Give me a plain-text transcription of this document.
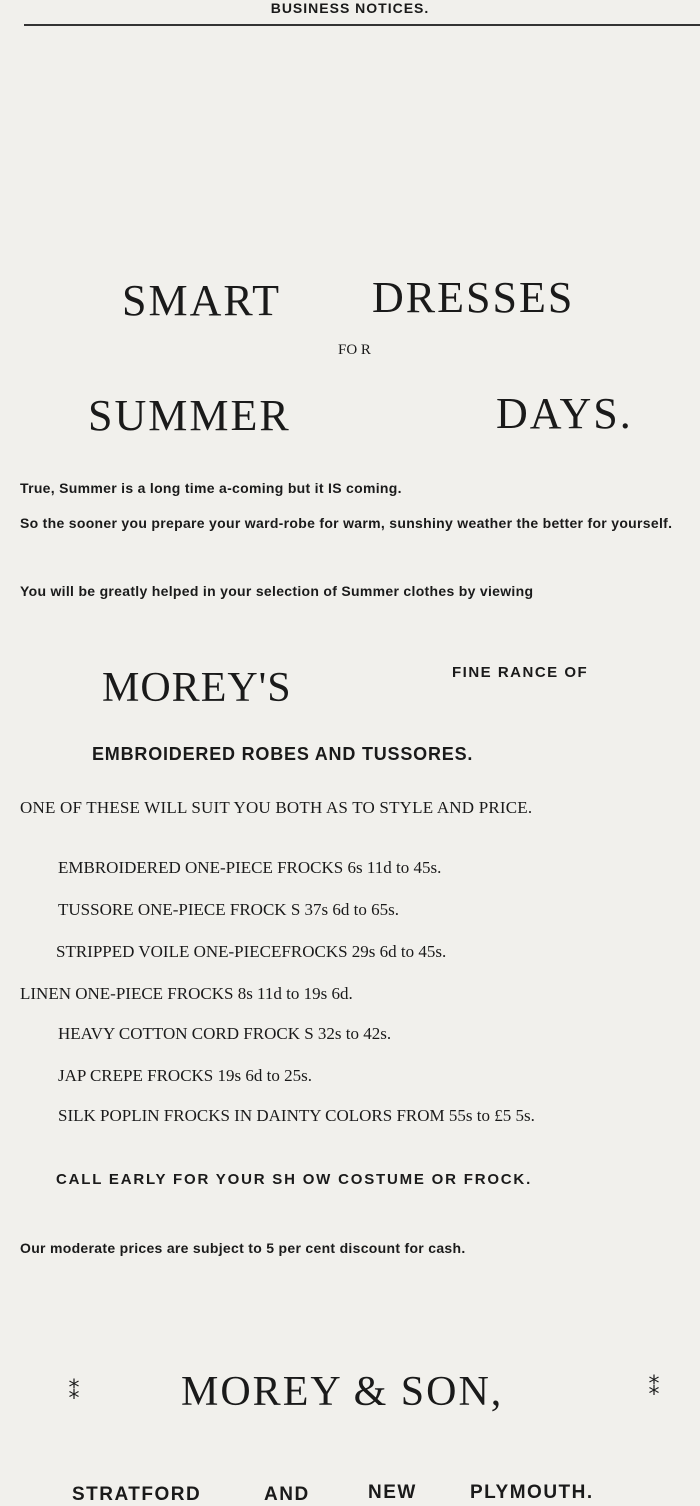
BUSINESS NOTICES.
SMART DRESSES
FO R
SUMMER	DAYS.
True, Summer is a long time a-coming but it IS coming.
So the sooner you prepare your ward-robe for warm, sunshiny weather the better for yourself.
You will be greatly helped in your selection of Summer clothes by viewing
MOREY'S	FINE RANCE OF
EMBROIDERED ROBES AND TUSSORES.
ONE OF THESE WILL SUIT YOU BOTH AS TO STYLE AND PRICE.
EMBROIDERED ONE-PIECE FROCKS 6s 11d to 45s.
TUSSORE ONE-PIECE FROCK S 37s 6d to 65s.
STRIPPED VOILE ONE-PIECEFROCKS 29s 6d to 45s.
LINEN ONE-PIECE FROCKS 8s 11d to 19s 6d.
HEAVY COTTON CORD FROCK S 32s to 42s.
JAP CREPE FROCKS 19s 6d to 25s.
SILK POPLIN FROCKS IN DAINTY COLORS FROM 55s to £5 5s.
CALL EARLY FOR YOUR SH OW COSTUME OR FROCK.
Our moderate prices are subject to 5 per cent discount for cash.
⁑ MOREY & SON,	⁑
STRATFORD	AND	NEW	PLYMOUTH.
